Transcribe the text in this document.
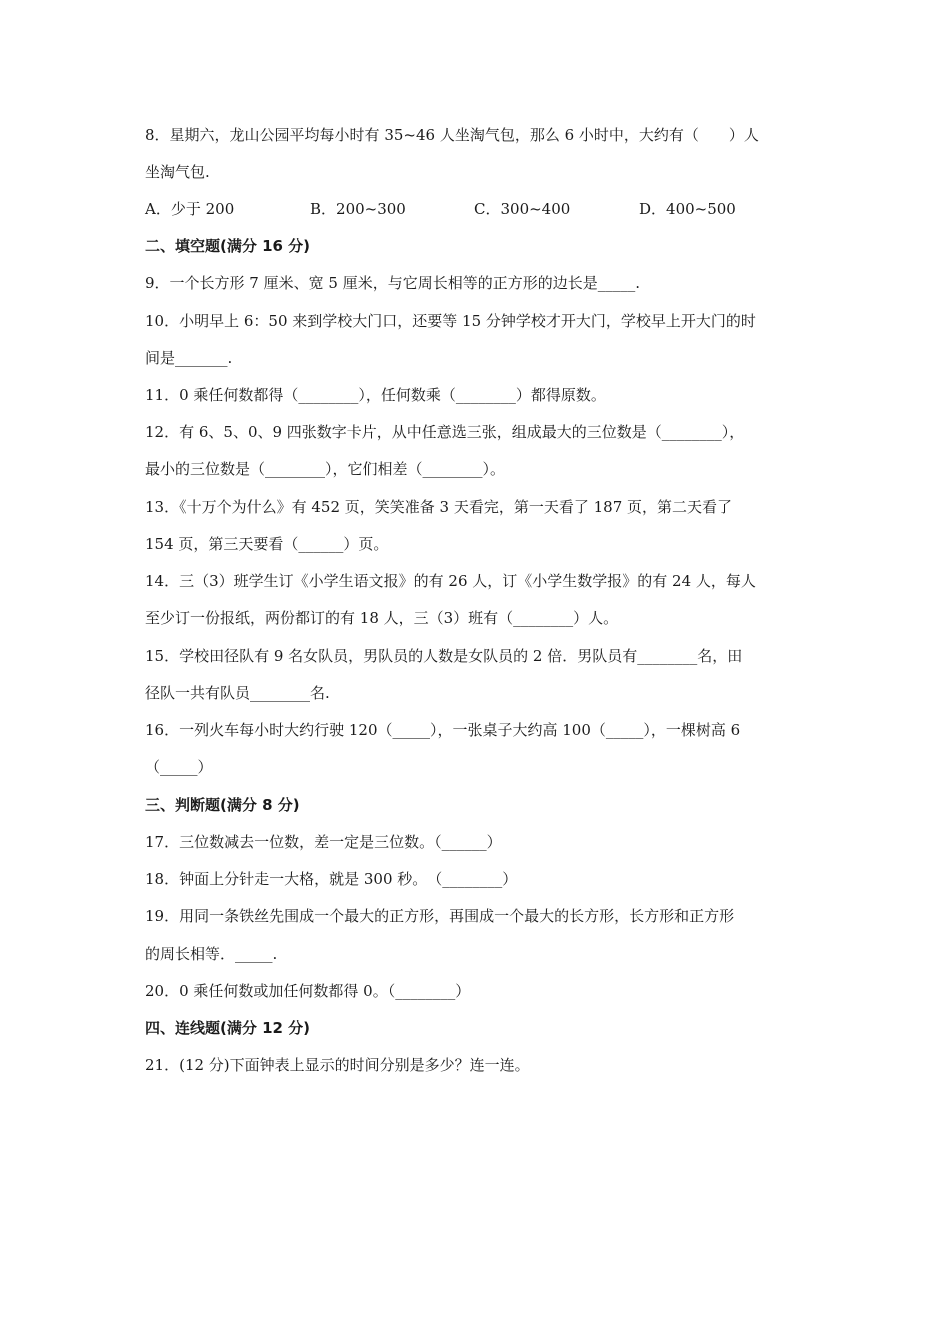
8．星期六，龙山公园平均每小时有 35~46 人坐淘气包，那么 6 小时中，大约有（　　）人
坐淘气包.
A．少于 200	B．200~300	C．300~400	D．400~500
二、填空题(满分 16 分)
9．一个长方形 7 厘米、宽 5 厘米，与它周长相等的正方形的边长是_____.
10．小明早上 6：50 来到学校大门口，还要等 15 分钟学校才开大门，学校早上开大门的时
间是_______.
11．0 乘任何数都得（________），任何数乘（________）都得原数。
12．有 6、5、0、9 四张数字卡片，从中任意选三张，组成最大的三位数是（________），
最小的三位数是（________），它们相差（________）。
13．《十万个为什么》有 452 页，笑笑准备 3 天看完，第一天看了 187 页，第二天看了
154 页，第三天要看（______）页。
14．三（3）班学生订《小学生语文报》的有 26 人，订《小学生数学报》的有 24 人，每人
至少订一份报纸，两份都订的有 18 人，三（3）班有（________）人。
15．学校田径队有 9 名女队员，男队员的人数是女队员的 2 倍．男队员有________名，田
径队一共有队员________名.
16．一列火车每小时大约行驶 120（_____），一张桌子大约高 100（_____），一棵树高 6
（_____）
三、判断题(满分 8 分)
17．三位数减去一位数，差一定是三位数。（______）
18．钟面上分针走一大格，就是 300 秒。　（________）
19．用同一条铁丝先围成一个最大的正方形，再围成一个最大的长方形，长方形和正方形
的周长相等．_____.
20．0 乘任何数或加任何数都得 0。（________）
四、连线题(满分 12 分)
21．(12 分)下面钟表上显示的时间分别是多少？连一连。
